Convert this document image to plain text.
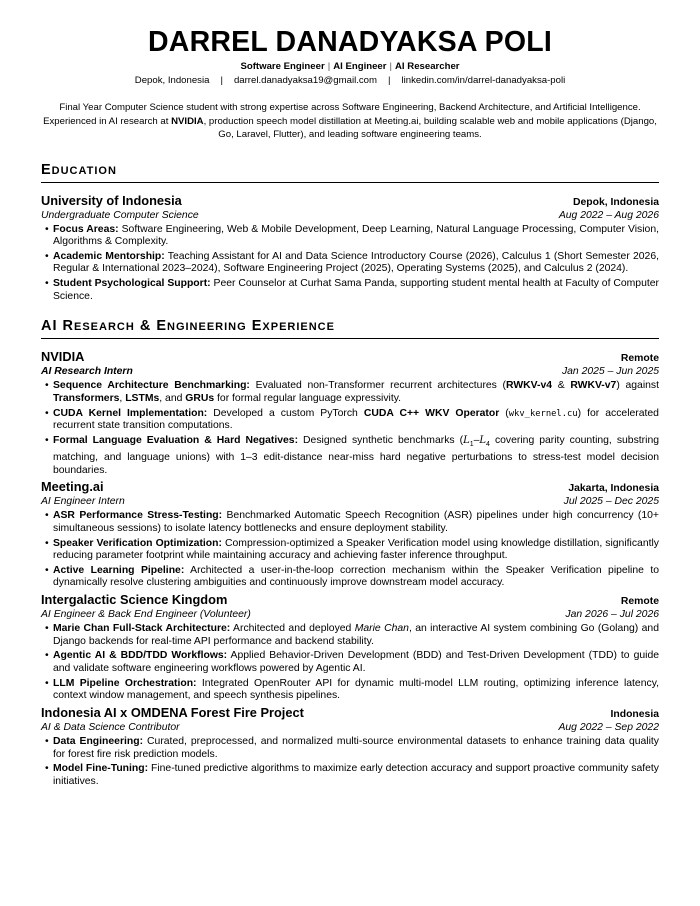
DARREL DANADYAKSA POLI
Software Engineer | AI Engineer | AI Researcher
Depok, Indonesia | darrel.danadyaksa19@gmail.com | linkedin.com/in/darrel-danadyaksa-poli

Final Year Computer Science student with strong expertise across Software Engineering, Backend Architecture, and Artificial Intelligence. Experienced in AI research at NVIDIA, production speech model distillation at Meeting.ai, building scalable web and mobile applications (Django, Go, Laravel, Flutter), and leading software engineering teams.

EDUCATION
University of Indonesia	Depok, Indonesia
Undergraduate Computer Science	Aug 2022 – Aug 2026
• Focus Areas: Software Engineering, Web & Mobile Development, Deep Learning, Natural Language Processing, Computer Vision, Algorithms & Complexity.
• Academic Mentorship: Teaching Assistant for AI and Data Science Introductory Course (2026), Calculus 1 (Short Semester 2026, Regular & International 2023–2024), Software Engineering Project (2025), Operating Systems (2025), and Calculus 2 (2024).
• Student Psychological Support: Peer Counselor at Curhat Sama Panda, supporting student mental health at Faculty of Computer Science.
AI RESEARCH & ENGINEERING EXPERIENCE
NVIDIA	Remote
AI Research Intern	Jan 2025 – Jun 2025
• Sequence Architecture Benchmarking: Evaluated non-Transformer recurrent architectures (RWKV-v4 & RWKV-v7) against Transformers, LSTMs, and GRUs for formal regular language expressivity.
• CUDA Kernel Implementation: Developed a custom PyTorch CUDA C++ WKV Operator (wkv_kernel.cu) for accelerated recurrent state transition computations.
• Formal Language Evaluation & Hard Negatives: Designed synthetic benchmarks ($L_1-L_4$ covering parity counting, substring matching, and language unions) with 1–3 edit-distance near-miss hard negative perturbations to stress-test model decision boundaries.
Meeting.ai	Jakarta, Indonesia
AI Engineer Intern	Jul 2025 – Dec 2025
• ASR Performance Stress-Testing: Benchmarked Automatic Speech Recognition (ASR) pipelines under high concurrency (10+ simultaneous sessions) to isolate latency bottlenecks and ensure deployment stability.
• Speaker Verification Optimization: Compression-optimized a Speaker Verification model using knowledge distillation, significantly reducing parameter footprint while maintaining accuracy and achieving faster inference throughput.
• Active Learning Pipeline: Architected a user-in-the-loop correction mechanism within the Speaker Verification pipeline to dynamically resolve clustering ambiguities and continuously improve downstream model accuracy.
Intergalactic Science Kingdom	Remote
AI Engineer & Back End Engineer (Volunteer)	Jan 2026 – Jul 2026
• Marie Chan Full-Stack Architecture: Architected and deployed Marie Chan, an interactive AI system combining Go (Golang) and Django backends for real-time API performance and backend stability.
• Agentic AI & BDD/TDD Workflows: Applied Behavior-Driven Development (BDD) and Test-Driven Development (TDD) to guide and validate software engineering workflows powered by Agentic AI.
• LLM Pipeline Orchestration: Integrated OpenRouter API for dynamic multi-model LLM routing, optimizing inference latency, context window management, and speech synthesis pipelines.
Indonesia AI x OMDENA Forest Fire Project	Indonesia
AI & Data Science Contributor	Aug 2022 – Sep 2022
• Data Engineering: Curated, preprocessed, and normalized multi-source environmental datasets to enhance training data quality for forest fire risk prediction models.
• Model Fine-Tuning: Fine-tuned predictive algorithms to maximize early detection accuracy and support proactive community safety initiatives.
